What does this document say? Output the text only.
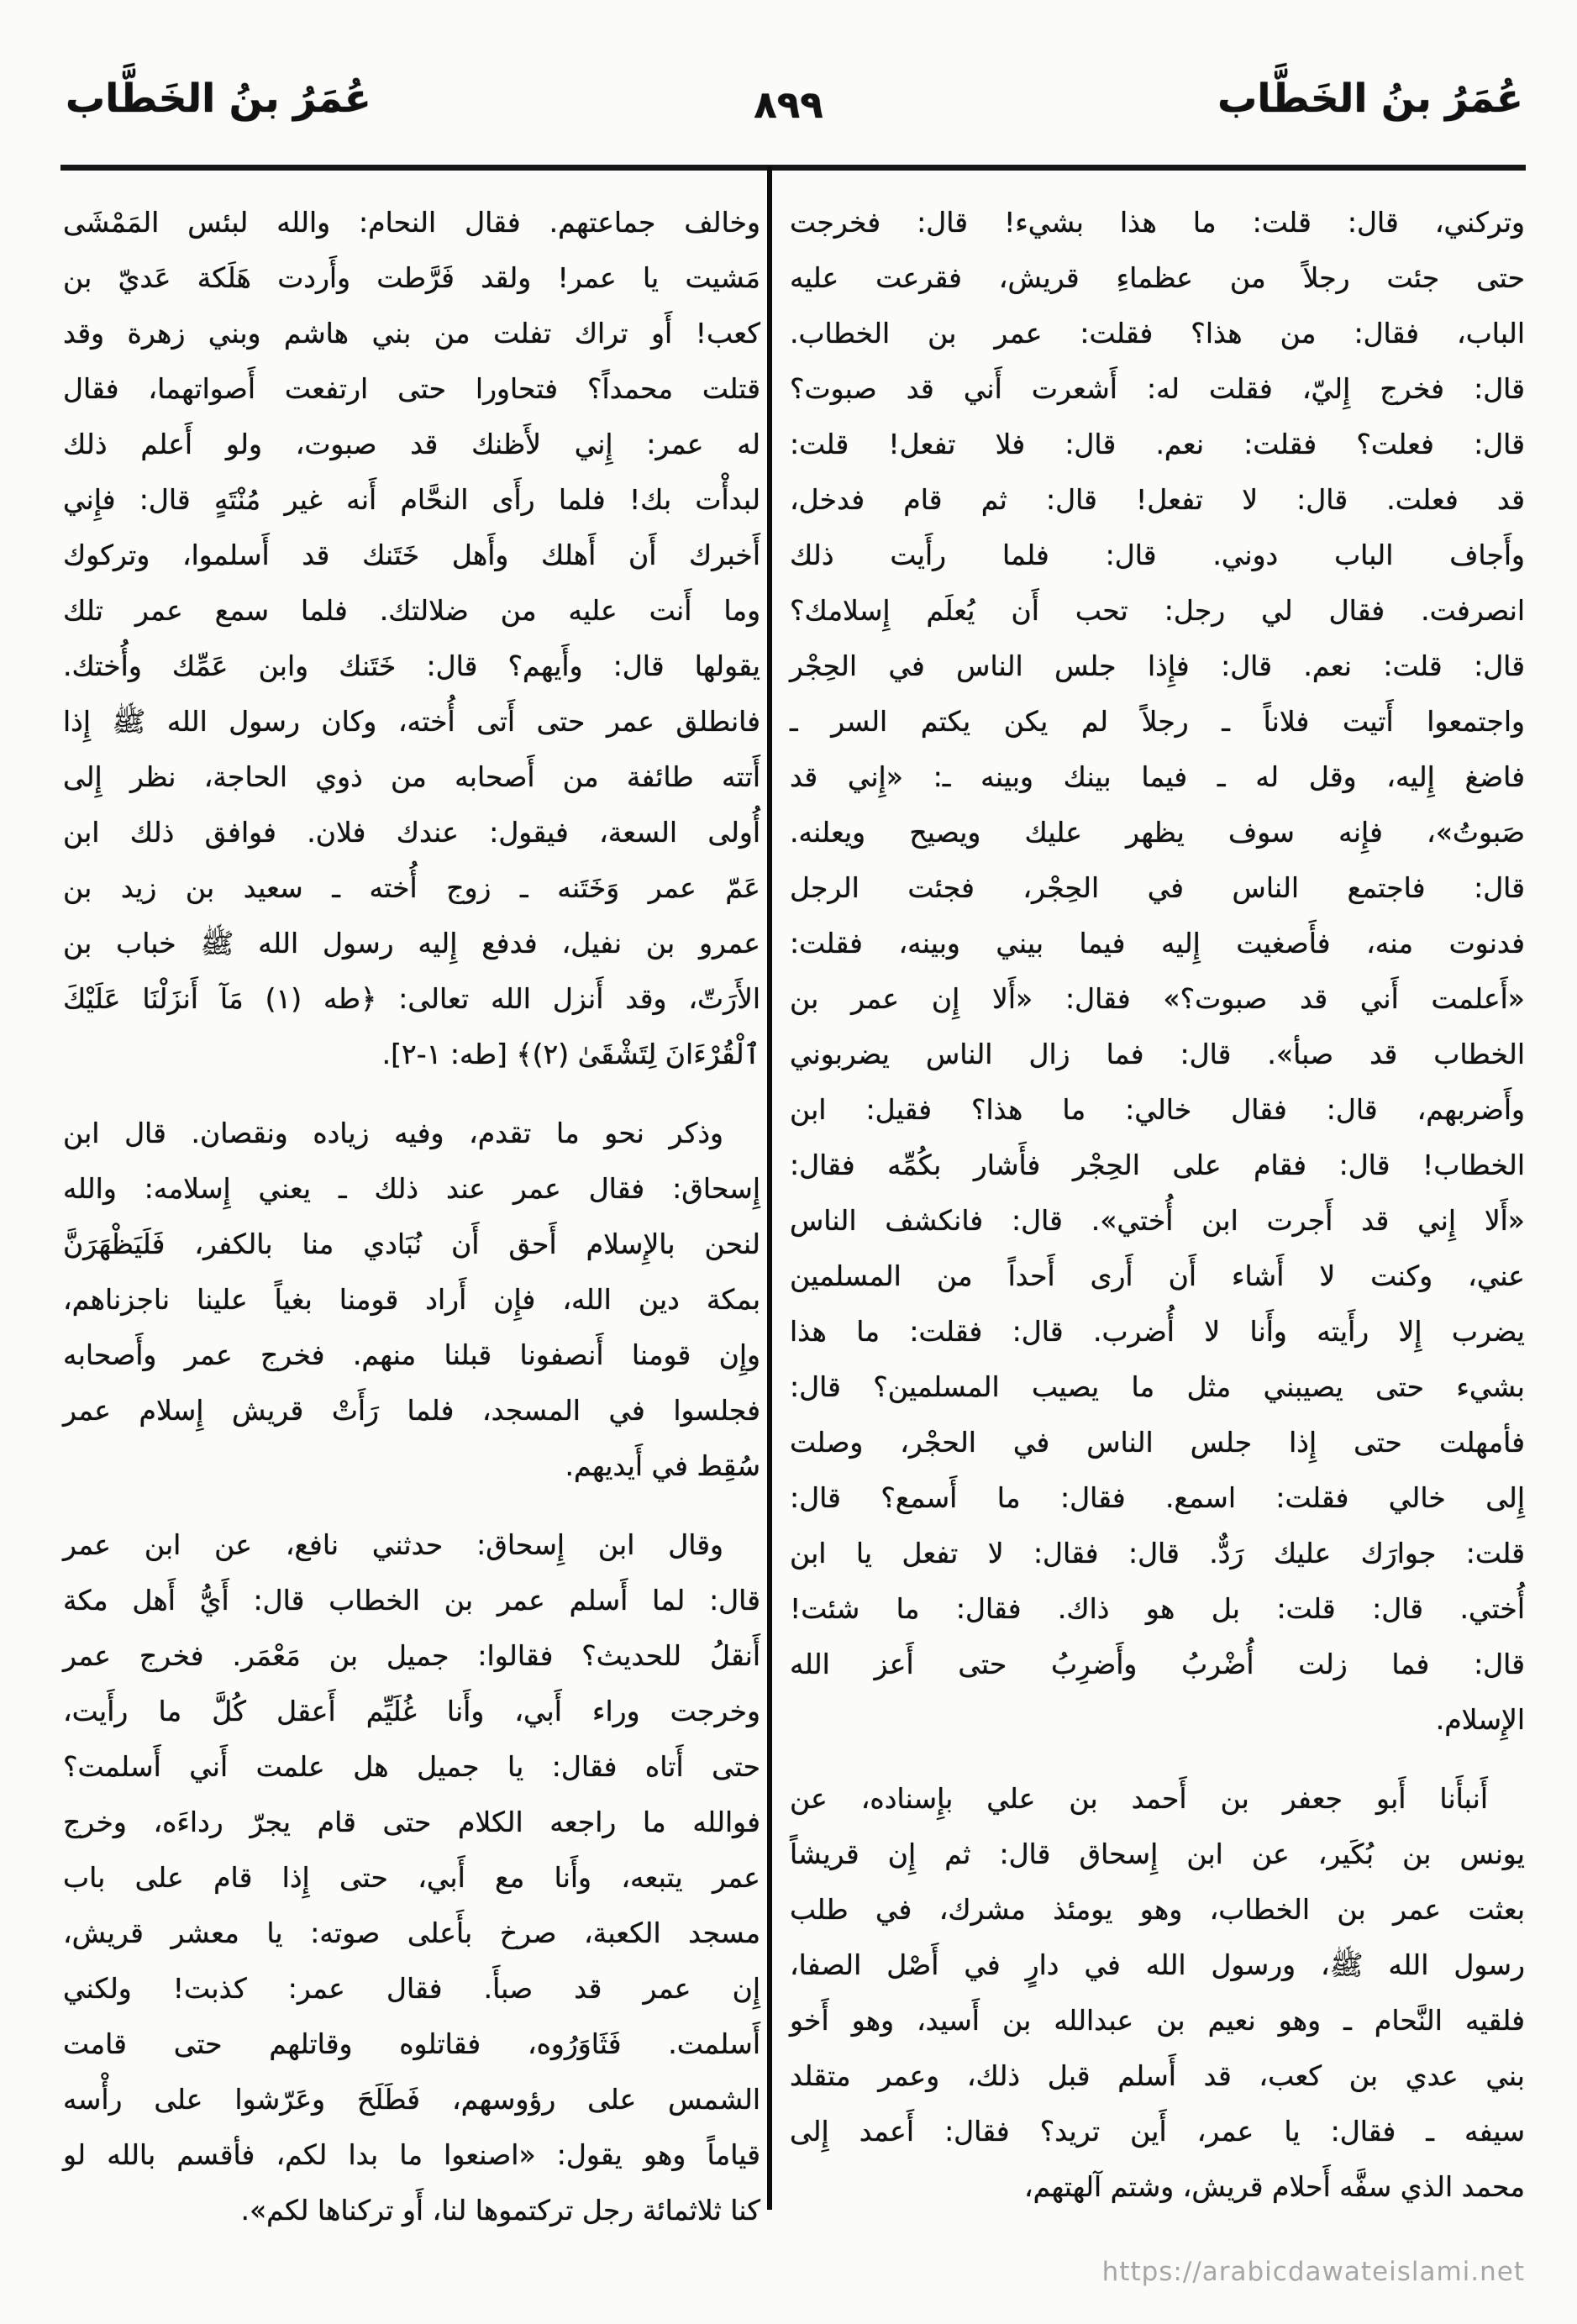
عُمَرُ بنُ الخَطَّاب
٨٩٩
عُمَرُ بنُ الخَطَّاب
وتركني، قال: قلت: ما هذا بشيء! قال: فخرجت
حتى جئت رجلاً من عظماءِ قريش، فقرعت عليه
الباب، فقال: من هذا؟ فقلت: عمر بن الخطاب.
قال: فخرج إِليّ، فقلت له: أَشعرت أَني قد صبوت؟
قال: فعلت؟ فقلت: نعم. قال: فلا تفعل! قلت:
قد فعلت. قال: لا تفعل! قال: ثم قام فدخل،
وأَجاف الباب دوني. قال: فلما رأَيت ذلك
انصرفت. فقال لي رجل: تحب أَن يُعلَم إِسلامك؟
قال: قلت: نعم. قال: فإِذا جلس الناس في الحِجْر
واجتمعوا أَتيت فلاناً ـ رجلاً لم يكن يكتم السر ـ
فاضغ إِليه، وقل له ـ فيما بينك وبينه ـ: «إِني قد
صَبوتُ»، فإِنه سوف يظهر عليك ويصيح ويعلنه.
قال: فاجتمع الناس في الحِجْر، فجئت الرجل
فدنوت منه، فأَصغيت إِليه فيما بيني وبينه، فقلت:
«أَعلمت أَني قد صبوت؟» فقال: «أَلا إِن عمر بن
الخطاب قد صبأ». قال: فما زال الناس يضربوني
وأَضربهم، قال: فقال خالي: ما هذا؟ فقيل: ابن
الخطاب! قال: فقام على الحِجْر فأَشار بكُمِّه فقال:
«أَلا إِني قد أَجرت ابن أُختي». قال: فانكشف الناس
عني، وكنت لا أَشاء أَن أَرى أَحداً من المسلمين
يضرب إِلا رأَيته وأَنا لا أُضرب. قال: فقلت: ما هذا
بشيء حتى يصيبني مثل ما يصيب المسلمين؟ قال:
فأمهلت حتى إِذا جلس الناس في الحجْر، وصلت
إِلى خالي فقلت: اسمع. فقال: ما أَسمع؟ قال:
قلت: جوارَك عليك رَدٌّ. قال: فقال: لا تفعل يا ابن
أُختي. قال: قلت: بل هو ذاك. فقال: ما شئت!
قال: فما زلت أُضْربُ وأَضرِبُ حتى أَعز الله
الإِسلام.
أَنبأَنا أَبو جعفر بن أَحمد بن علي بإِسناده، عن
يونس بن بُكَير، عن ابن إِسحاق قال: ثم إِن قريشاً
بعثت عمر بن الخطاب، وهو يومئذ مشرك، في طلب
رسول الله ﷺ، ورسول الله في دارٍ في أَصْل الصفا،
فلقيه النَّحام ـ وهو نعيم بن عبدالله بن أَسيد، وهو أَخو
بني عدي بن كعب، قد أَسلم قبل ذلك، وعمر متقلد
سيفه ـ فقال: يا عمر، أَين تريد؟ فقال: أَعمد إِلى
محمد الذي سفَّه أَحلام قريش، وشتم آلهتهم،
وخالف جماعتهم. فقال النحام: والله لبئس المَمْشَى
مَشيت يا عمر! ولقد فَرَّطت وأَردت هَلَكة عَديّ بن
كعب! أَو تراك تفلت من بني هاشم وبني زهرة وقد
قتلت محمداً؟ فتحاورا حتى ارتفعت أَصواتهما، فقال
له عمر: إِني لأَظنك قد صبوت، ولو أَعلم ذلك
لبدأْت بك! فلما رأَى النحَّام أَنه غير مُنْتَهٍ قال: فإِني
أَخبرك أَن أَهلك وأَهل خَتَنك قد أَسلموا، وتركوك
وما أَنت عليه من ضلالتك. فلما سمع عمر تلك
يقولها قال: وأَيهم؟ قال: خَتَنك وابن عَمِّك وأُختك.
فانطلق عمر حتى أَتى أُخته، وكان رسول الله ﷺ إِذا
أَتته طائفة من أَصحابه من ذوي الحاجة، نظر إِلى
أُولى السعة، فيقول: عندك فلان. فوافق ذلك ابن
عَمّ عمر وَخَتَنه ـ زوج أُخته ـ سعيد بن زيد بن
عمرو بن نفيل، فدفع إِليه رسول الله ﷺ خباب بن
الأَرَتّ، وقد أَنزل الله تعالى: ﴿طه (١) مَآ أَنزَلْنَا عَلَيْكَ
ٱلْقُرْءَانَ لِتَشْقَىٰ (٢)﴾ [طه: ١-٢].
وذكر نحو ما تقدم، وفيه زياده ونقصان. قال ابن
إِسحاق: فقال عمر عند ذلك ـ يعني إِسلامه: والله
لنحن بالإِسلام أَحق أَن نُبَادي منا بالكفر، فَلَيَظْهَرَنَّ
بمكة دين الله، فإِن أَراد قومنا بغياً علينا ناجزناهم،
وإِن قومنا أَنصفونا قبلنا منهم. فخرج عمر وأَصحابه
فجلسوا في المسجد، فلما رَأَتْ قريش إِسلام عمر
سُقِط في أَيديهم.
وقال ابن إِسحاق: حدثني نافع، عن ابن عمر
قال: لما أَسلم عمر بن الخطاب قال: أَيُّ أَهل مكة
أَنقلُ للحديث؟ فقالوا: جميل بن مَعْمَر. فخرج عمر
وخرجت وراء أَبي، وأَنا غُلَيِّم أَعقل كُلَّ ما رأَيت،
حتى أَتاه فقال: يا جميل هل علمت أَني أَسلمت؟
فوالله ما راجعه الكلام حتى قام يجرّ رداءَه، وخرج
عمر يتبعه، وأَنا مع أَبي، حتى إِذا قام على باب
مسجد الكعبة، صرخ بأَعلى صوته: يا معشر قريش،
إِن عمر قد صبأَ. فقال عمر: كذبت! ولكني
أَسلمت. فَثَاوَرُوه، فقاتلوه وقاتلهم حتى قامت
الشمس على رؤوسهم، فَطَلَحَ وعَرّشوا على رأْسه
قياماً وهو يقول: «اصنعوا ما بدا لكم، فأقسم بالله لو
كنا ثلاثمائة رجل تركتموها لنا، أَو تركناها لكم».
https://arabicdawateislami.net
